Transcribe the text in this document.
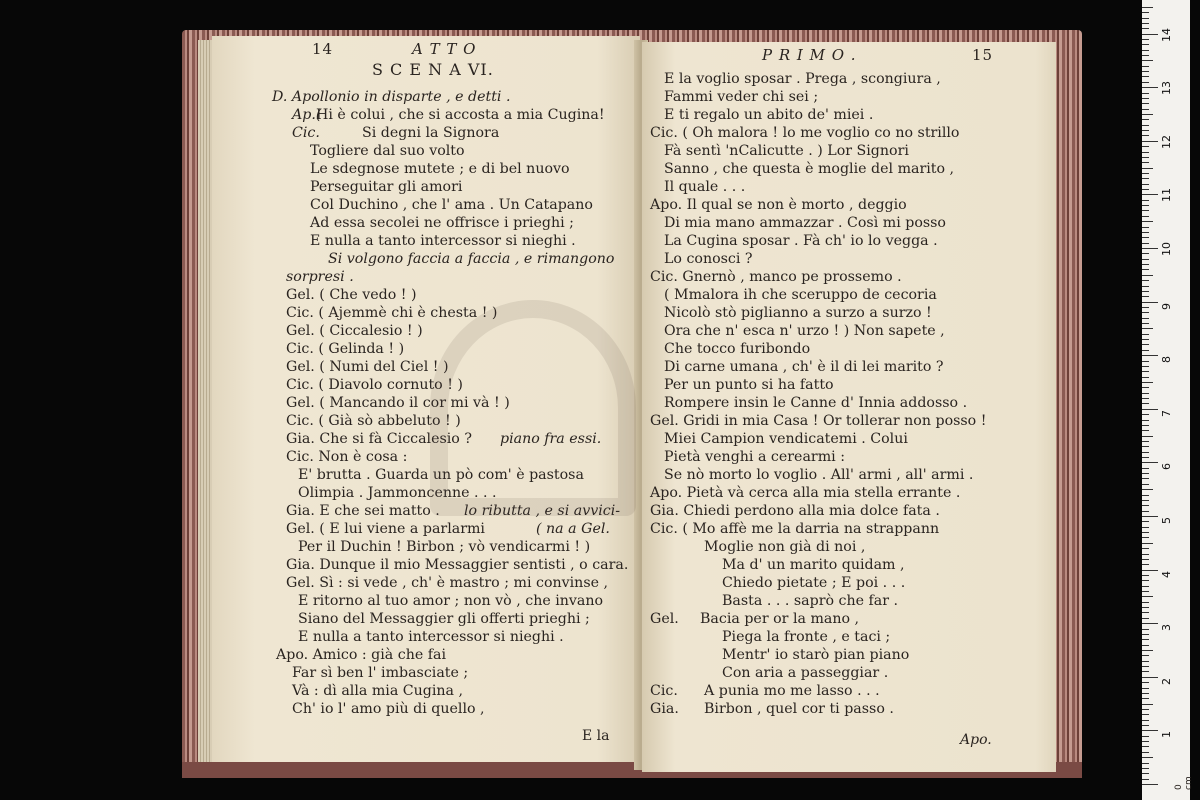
14	A T T O
S C E N A VI.
D. Apollonio in disparte , e detti .
Ap.(
Hi è colui , che si accosta a mia Cugina!
Cic.	Si degni la Signora
Togliere dal suo volto
Le sdegnose mutete ; e di bel nuovo
Perseguitar gli amori
Col Duchino , che l' ama . Un Catapano
Ad essa secolei ne offrisce i prieghi ;
E nulla a tanto intercessor si nieghi .
Si volgono faccia a faccia , e rimangono
sorpresi .
Gel. ( Che vedo ! )
Cic. ( Ajemmè chi è chesta ! )
Gel. ( Ciccalesio ! )
Cic. ( Gelinda ! )
Gel. ( Numi del Ciel ! )
Cic. ( Diavolo cornuto ! )
Gel. ( Mancando il cor mi và ! )
Cic. ( Già sò abbeluto ! )
Gia. Che si fà Ciccalesio ? piano fra essi.
Cic. Non è cosa :
E' brutta . Guarda un pò com' è pastosa
Olimpia . Jammoncenne . . .
Gia. E che sei matto . lo ributta , e si avvici-
Gel. ( E lui viene a parlarmi	( na a Gel.
Per il Duchin ! Birbon ; vò vendicarmi ! )
Gia. Dunque il mio Messaggier sentisti , o cara.
Gel. Sì : si vede , ch' è mastro ; mi convinse ,
E ritorno al tuo amor ; non vò , che invano
Siano del Messaggier gli offerti prieghi ;
E nulla a tanto intercessor si nieghi .
Apo. Amico : già che fai
Far sì ben l' imbasciate ;
Và : dì alla mia Cugina ,
Ch' io l' amo più di quello ,
E la
P R I M O .	15
E la voglio sposar . Prega , scongiura ,
Fammi veder chi sei ;
E ti regalo un abito de' miei .
Cic. ( Oh malora ! lo me voglio co no strillo
Fà sentì 'nCalicutte . ) Lor Signori
Sanno , che questa è moglie del marito ,
Il quale . . .
Apo. Il qual se non è morto , deggio
Di mia mano ammazzar . Così mi posso
La Cugina sposar . Fà ch' io lo vegga .
Lo conosci ?
Cic. Gnernò , manco pe prossemo .
( Mmalora ih che sceruppo de cecoria
Nicolò stò piglianno a surzo a surzo !
Ora che n' esca n' urzo ! ) Non sapete ,
Che tocco furibondo
Di carne umana , ch' è il di lei marito ?
Per un punto si ha fatto
Rompere insin le Canne d' Innia addosso .
Gel. Gridi in mia Casa ! Or tollerar non posso !
Miei Campion vendicatemi . Colui
Pietà venghi a cerearmi :
Se nò morto lo voglio . All' armi , all' armi .
Apo. Pietà và cerca alla mia stella errante .
Gia. Chiedi perdono alla mia dolce fata .
Cic. ( Mo affè me la darria na strappann
Moglie non già di noi ,
Ma d' un marito quidam ,
Chiedo pietate ; E poi . . .
Basta . . . saprò che far .
Gel. Bacia per or la mano ,
Piega la fronte , e taci ;
Mentr' io starò pian piano
Con aria a passeggiar .
Cic. A punia mo me lasso . . .
Gia. Birbon , quel cor ti passo .
Apo.
0 cm
1
2
3
4
5
6
7
8
9
10
11
12
13
14
